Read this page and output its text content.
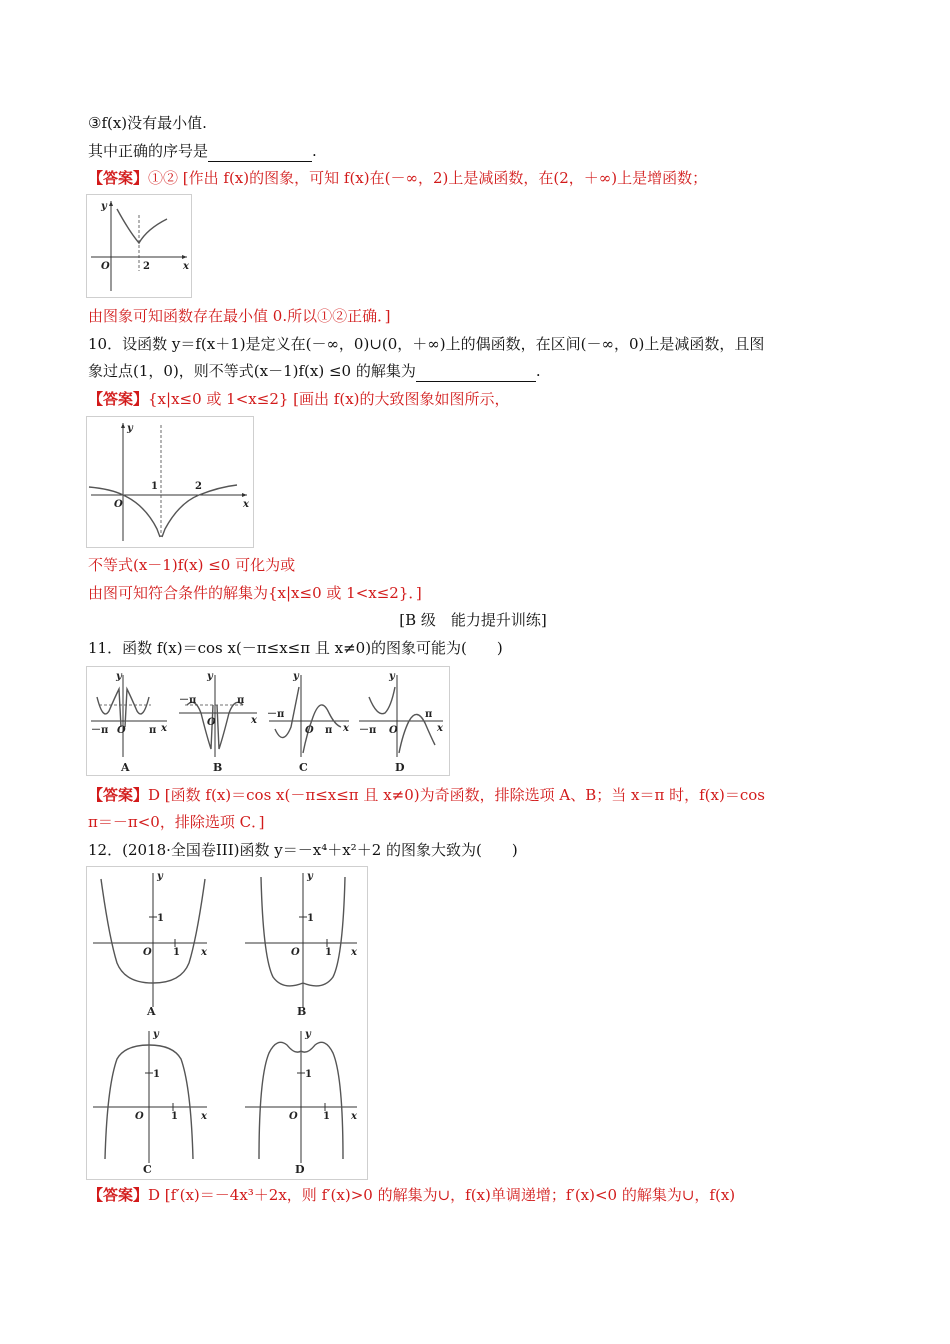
③f(x)没有最小值.
其中正确的序号是	.
【答案】①② [作出 f(x)的图象，可知 f(x)在(－∞，2)上是减函数，在(2，＋∞)上是增函数；
y
x
O	2
由图象可知函数存在最小值 0.所以①②正确．]
10．设函数 y＝f(x＋1)是定义在(－∞，0)∪(0，＋∞)上的偶函数，在区间(－∞，0)上是减函数，且图
象过点(1，0)，则不等式(x－1)f(x) ≤0 的解集为	.
【答案】{x|x≤0 或 1<x≤2} [画出 f(x)的大致图象如图所示，
y
x
O
1	2
不等式(x－1)f(x) ≤0 可化为或
由图可知符合条件的解集为{x|x≤0 或 1<x≤2}．]
[B 级　能力提升训练]
11．函数 f(x)＝cos x(－π≤x≤π 且 x≠0)的图象可能为(　　)
y
x
O
－π	π
A
y
x
O
－π	π
B
y
x
O
－π
π
C
y
x
O
－π
π
D
【答案】D [函数 f(x)＝cos x(－π≤x≤π 且 x≠0)为奇函数，排除选项 A、B；当 x＝π 时，f(x)＝cos
π＝－π<0，排除选项 C．]
12．(2018·全国卷III)函数 y＝－x⁴＋x²＋2 的图象大致为(　　)
y
x
O
1
1
A
y
x
O
1
1
B
y
x
O
1
1
C
y
x
O
1
1
D
【答案】D [f′(x)＝－4x³＋2x，则 f′(x)>0 的解集为∪，f(x)单调递增；f′(x)<0 的解集为∪，f(x)
